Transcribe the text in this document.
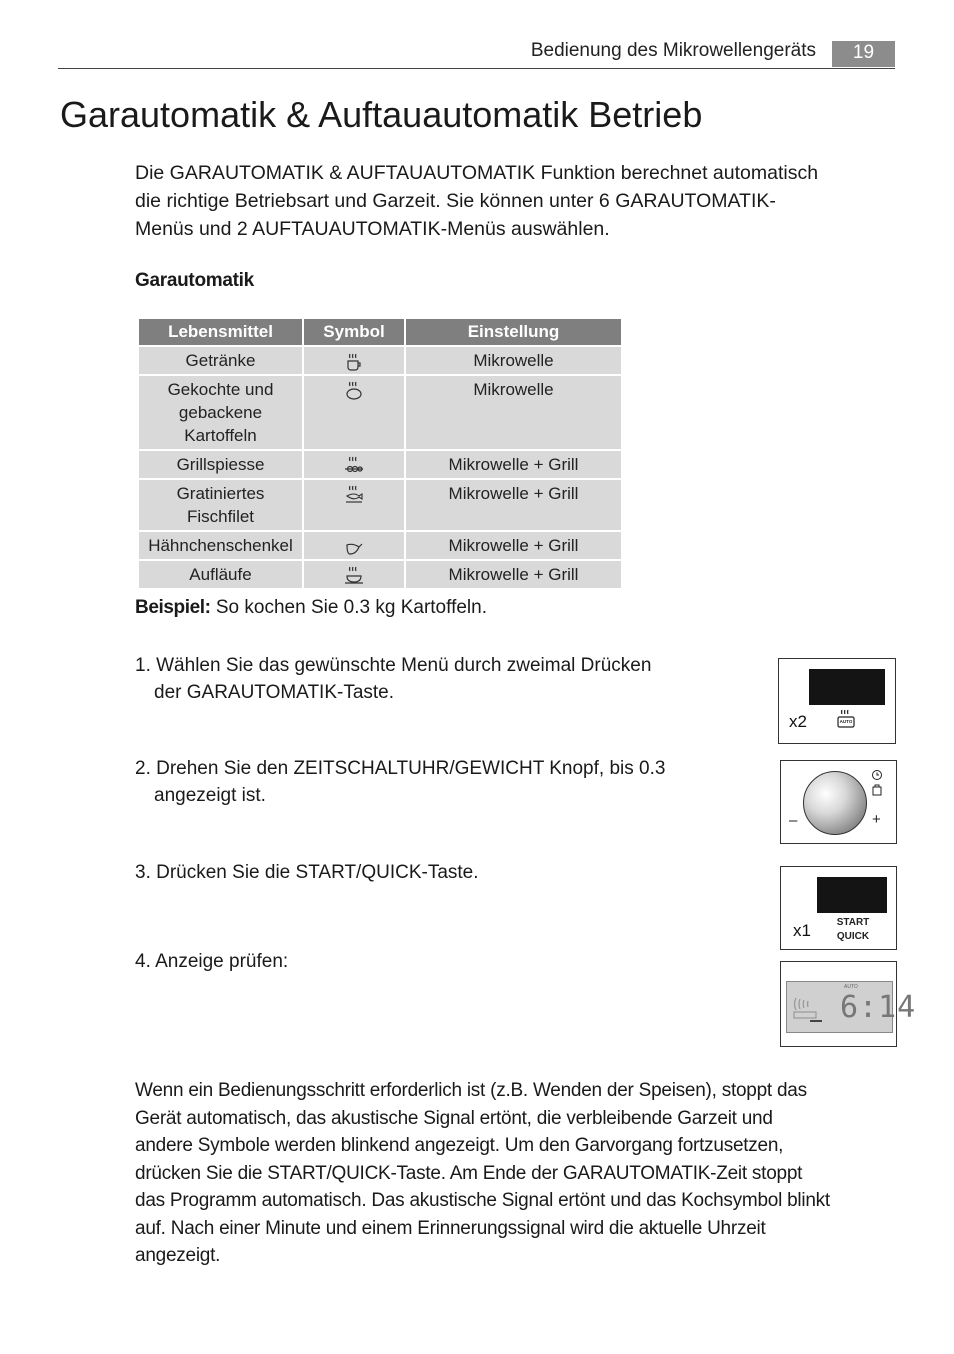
Bedienung des Mikrowellengeräts	19
Garautomatik & Auftauautomatik Betrieb

Die GARAUTOMATIK & AUFTAUAUTOMATIK Funktion berechnet automatisch die richtige Betriebsart und Garzeit. Sie können unter 6 GARAUTOMATIK-Menüs und 2 AUFTAUAUTOMATIK-Menüs auswählen.

Garautomatik

Lebensmittel	Symbol	Einstellung
Getränke		Mikrowelle
Gekochte und gebackene Kartoffeln		Mikrowelle
Grillspiesse		Mikrowelle + Grill
Gratiniertes Fischfilet		Mikrowelle + Grill
Hähnchenschenkel		Mikrowelle + Grill
Aufläufe		Mikrowelle + Grill

Beispiel: So kochen Sie 0.3 kg Kartoffeln.

1. Wählen Sie das gewünschte Menü durch zweimal Drücken
der GARAUTOMATIK-Taste.

2. Drehen Sie den ZEITSCHALTUHR/GEWICHT Knopf, bis 0.3
angezeigt ist.

3. Drücken Sie die START/QUICK-Taste.

4. Anzeige prüfen:

x2	AUTO
–	+
x1	START
QUICK
AUTO
6:14

Wenn ein Bedienungsschritt erforderlich ist (z.B. Wenden der Speisen), stoppt das Gerät automatisch, das akustische Signal ertönt, die verbleibende Garzeit und andere Symbole werden blinkend angezeigt. Um den Garvorgang fortzusetzen, drücken Sie die START/QUICK-Taste. Am Ende der GARAUTOMATIK-Zeit stoppt das Programm automatisch. Das akustische Signal ertönt und das Kochsymbol blinkt auf. Nach einer Minute und einem Erinnerungssignal wird die aktuelle Uhrzeit angezeigt.
